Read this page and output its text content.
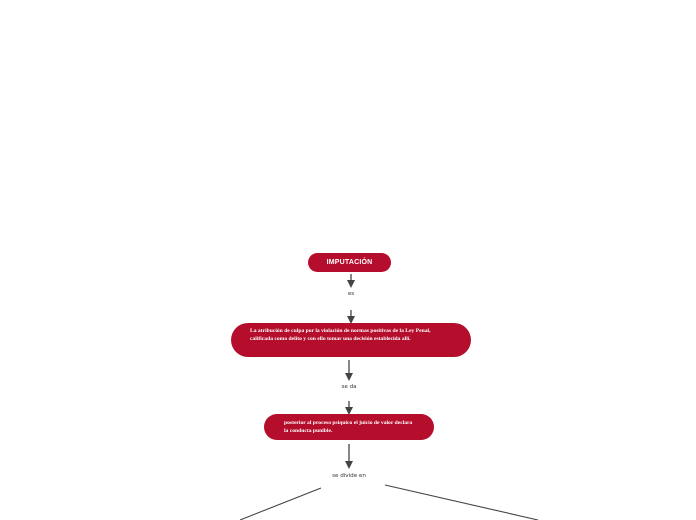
IMPUTACIÓN
es
La atribución de culpa por la violación de normas positivas de la Ley Penal, calificada como delito y con ello tomar una decisión establecida allí.
se da
posterior al proceso psiquico el juicio de valor declara la conducta punible.
se divide en
